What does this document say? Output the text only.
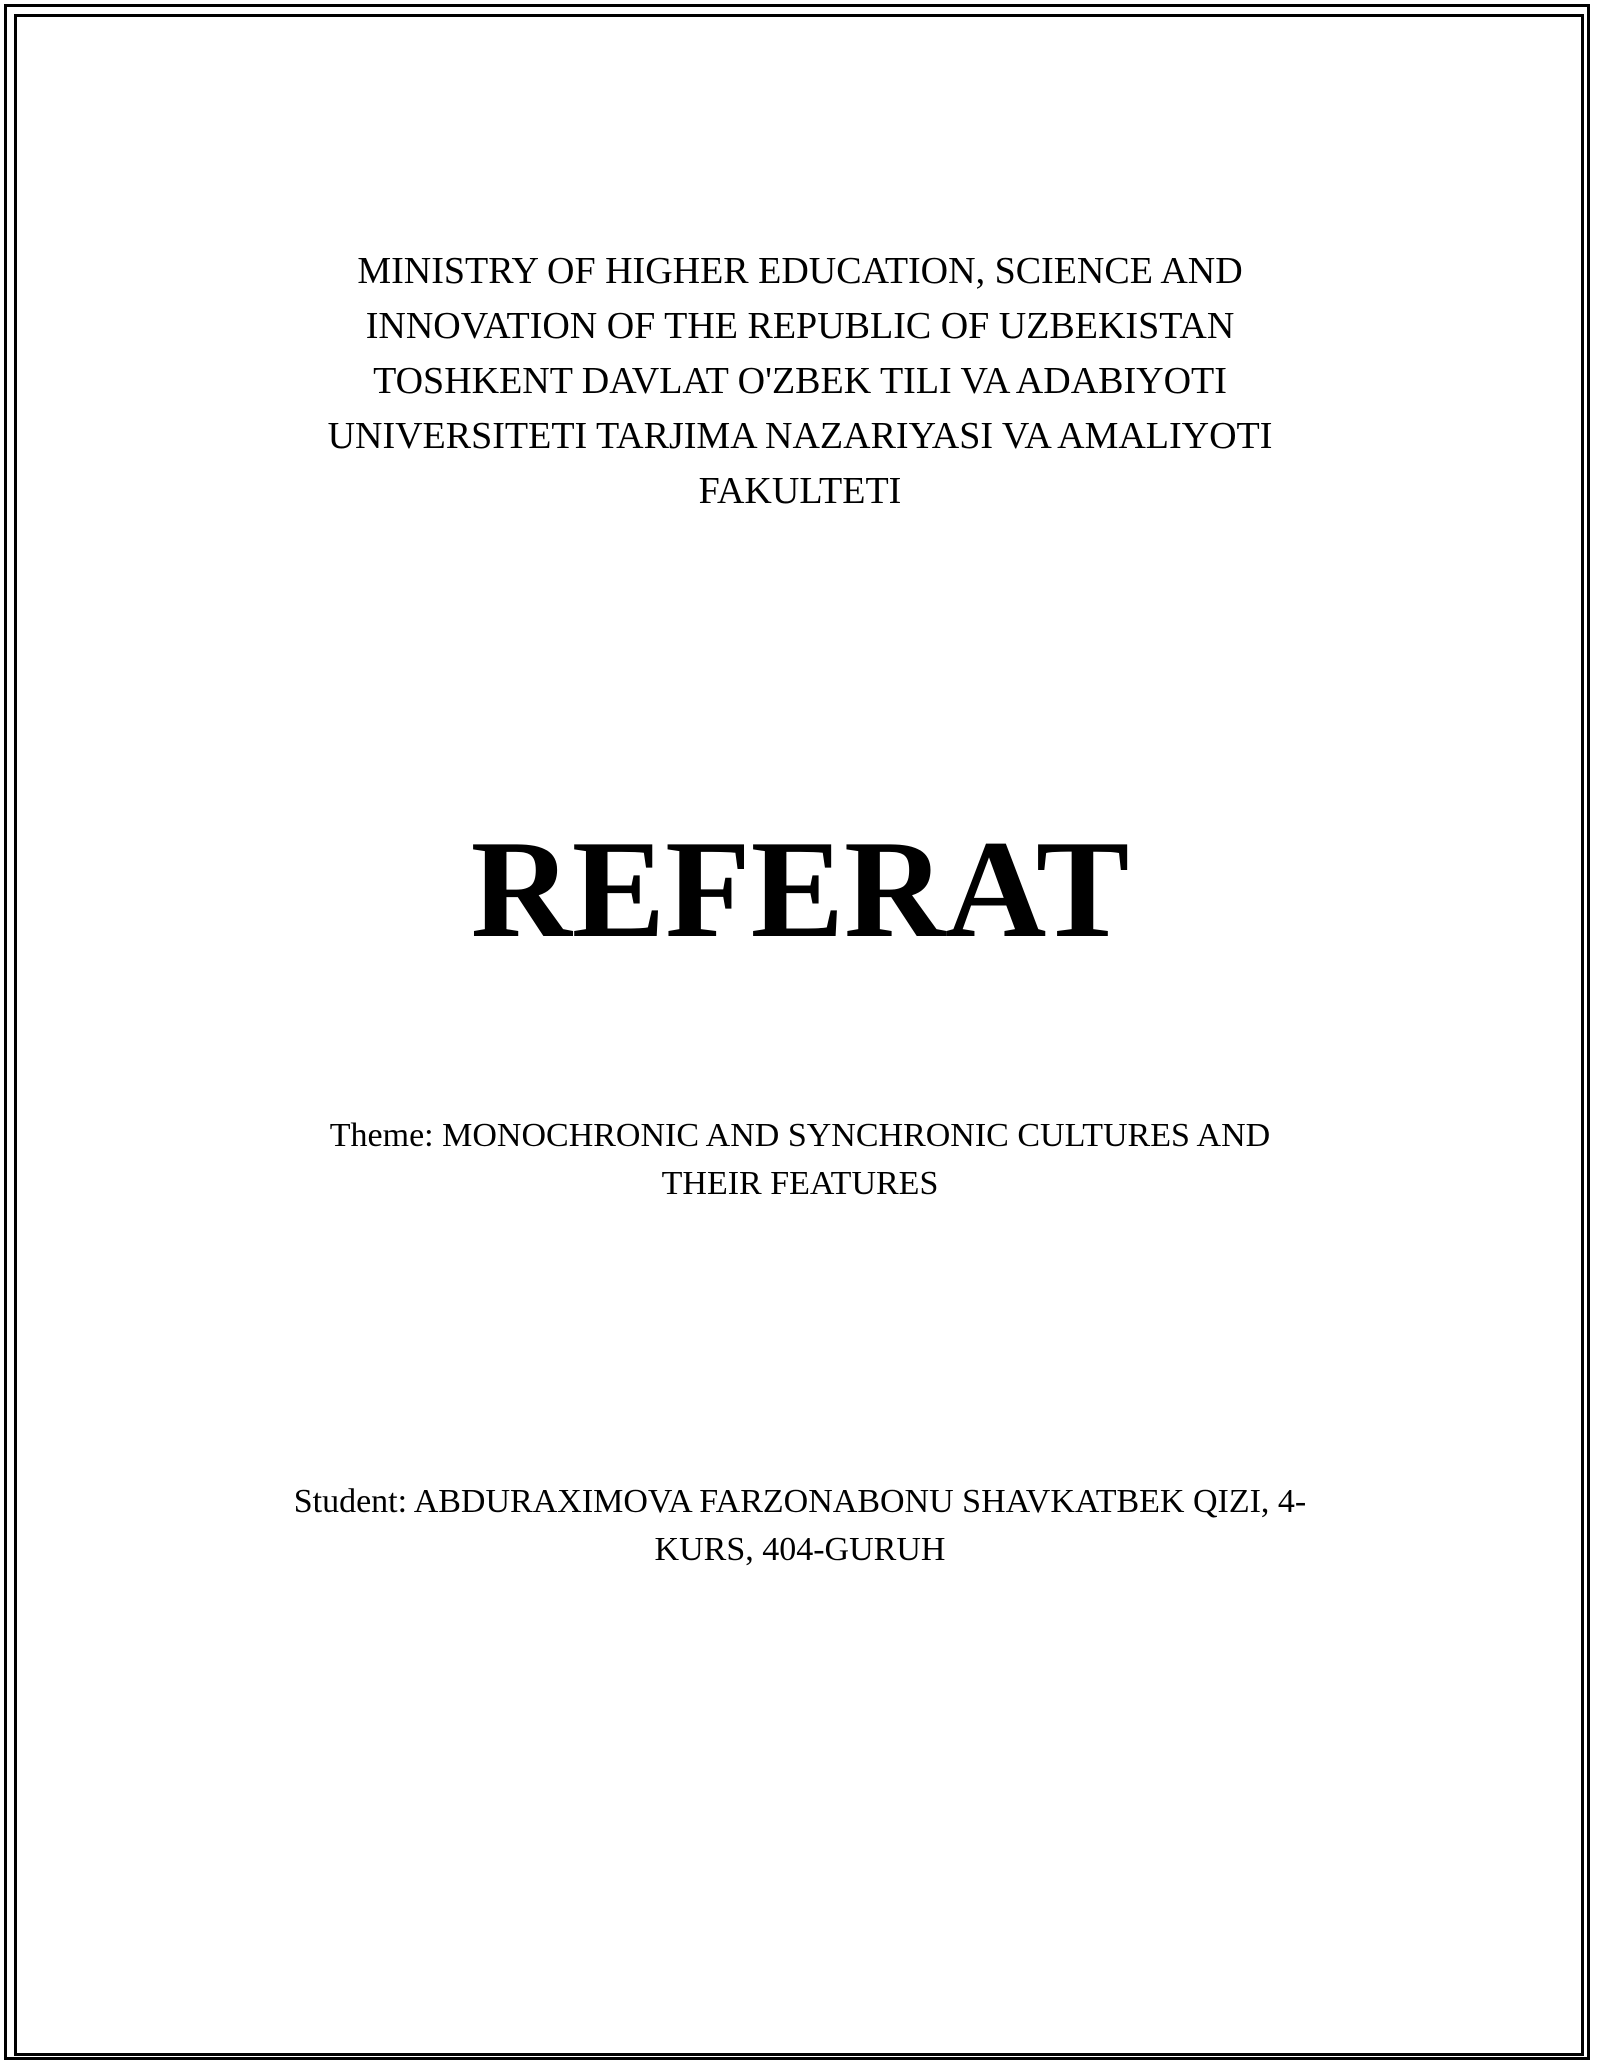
MINISTRY OF HIGHER EDUCATION, SCIENCE AND
INNOVATION OF THE REPUBLIC OF UZBEKISTAN
TOSHKENT DAVLAT O'ZBEK TILI VA ADABIYOTI
UNIVERSITETI TARJIMA NAZARIYASI VA AMALIYOTI
FAKULTETI
REFERAT
Theme: MONOCHRONIC AND SYNCHRONIC CULTURES AND
THEIR FEATURES
Student: ABDURAXIMOVA FARZONABONU SHAVKATBEK QIZI, 4-
KURS, 404-GURUH
